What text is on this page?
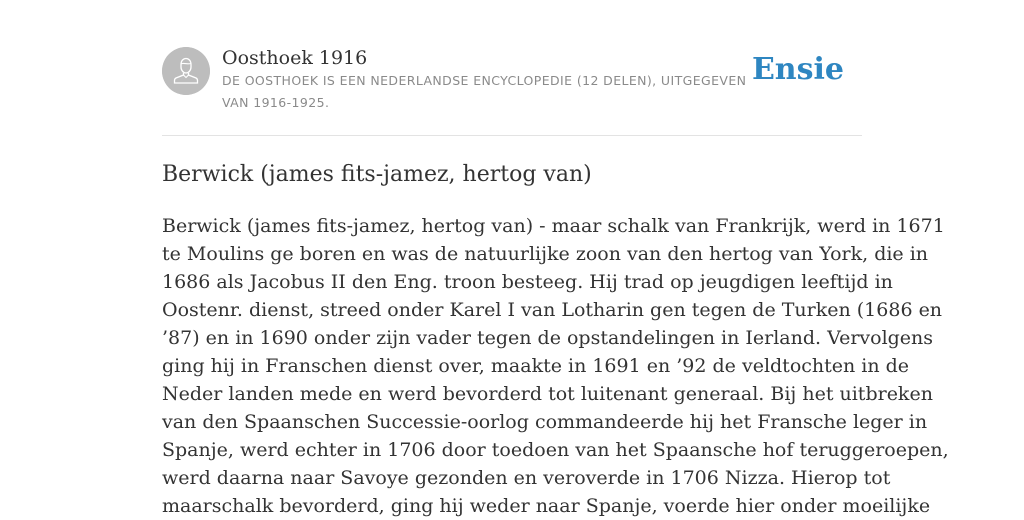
Oosthoek 1916
DE OOSTHOEK IS EEN NEDERLANDSE ENCYCLOPEDIE (12 DELEN), UITGEGEVEN
VAN 1916-1925.
Ensie
Berwick (james fits-jamez, hertog van)

Berwick (james fits-jamez, hertog van) - maar schalk van Frankrijk, werd in 1671
te Moulins ge boren en was de natuurlijke zoon van den hertog van York, die in
1686 als Jacobus II den Eng. troon besteeg. Hij trad op jeugdigen leeftijd in
Oostenr. dienst, streed onder Karel I van Lotharin gen tegen de Turken (1686 en
’87) en in 1690 onder zijn vader tegen de opstandelingen in Ierland. Vervolgens
ging hij in Franschen dienst over, maakte in 1691 en ’92 de veldtochten in de
Neder landen mede en werd bevorderd tot luitenant generaal. Bij het uitbreken
van den Spaanschen Successie-oorlog commandeerde hij het Fransche leger in
Spanje, werd echter in 1706 door toedoen van het Spaansche hof teruggeroepen,
werd daarna naar Savoye gezonden en veroverde in 1706 Nizza. Hierop tot
maarschalk bevorderd, ging hij weder naar Spanje, voerde hier onder moeilijke
